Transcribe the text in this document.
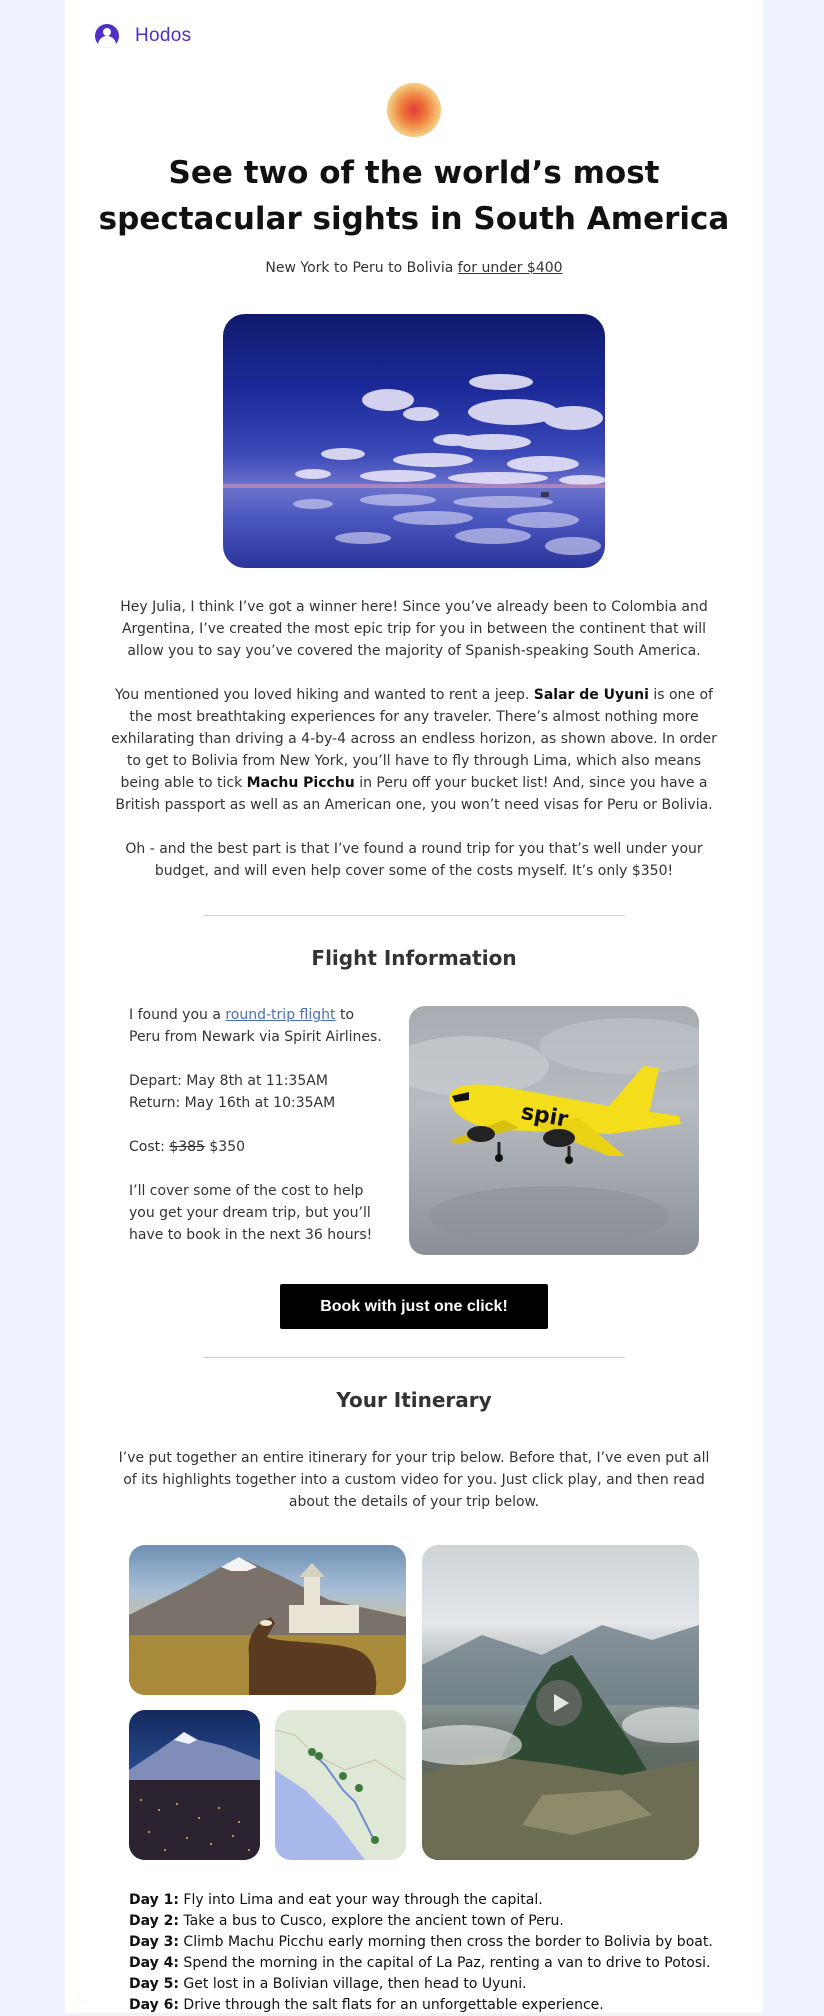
Hodos
See two of the world’s most spectacular sights in South America
New York to Peru to Bolivia for under $400

Hey Julia, I think I’ve got a winner here! Since you’ve already been to Colombia and Argentina, I’ve created the most epic trip for you in between the continent that will allow you to say you’ve covered the majority of Spanish-speaking South America.

You mentioned you loved hiking and wanted to rent a jeep. Salar de Uyuni is one of the most breathtaking experiences for any traveler. There’s almost nothing more exhilarating than driving a 4-by-4 across an endless horizon, as shown above. In order to get to Bolivia from New York, you’ll have to fly through Lima, which also means being able to tick Machu Picchu in Peru off your bucket list! And, since you have a British passport as well as an American one, you won’t need visas for Peru or Bolivia.

Oh - and the best part is that I’ve found a round trip for you that’s well under your budget, and will even help cover some of the costs myself. It’s only $350!

Flight Information

I found you a round-trip flight to Peru from Newark via Spirit Airlines.

Depart: May 8th at 11:35AM
Return: May 16th at 10:35AM

Cost: $385 $350

I’ll cover some of the cost to help you get your dream trip, but you’ll have to book in the next 36 hours!

spir
Book with just one click!
Your Itinerary

I’ve put together an entire itinerary for your trip below. Before that, I’ve even put all of its highlights together into a custom video for you. Just click play, and then read about the details of your trip below.

Day 1: Fly into Lima and eat your way through the capital.
Day 2: Take a bus to Cusco, explore the ancient town of Peru.
Day 3: Climb Machu Picchu early morning then cross the border to Bolivia by boat.
Day 4: Spend the morning in the capital of La Paz, renting a van to drive to Potosi.
Day 5: Get lost in a Bolivian village, then head to Uyuni.
Day 6: Drive through the salt flats for an unforgettable experience.
